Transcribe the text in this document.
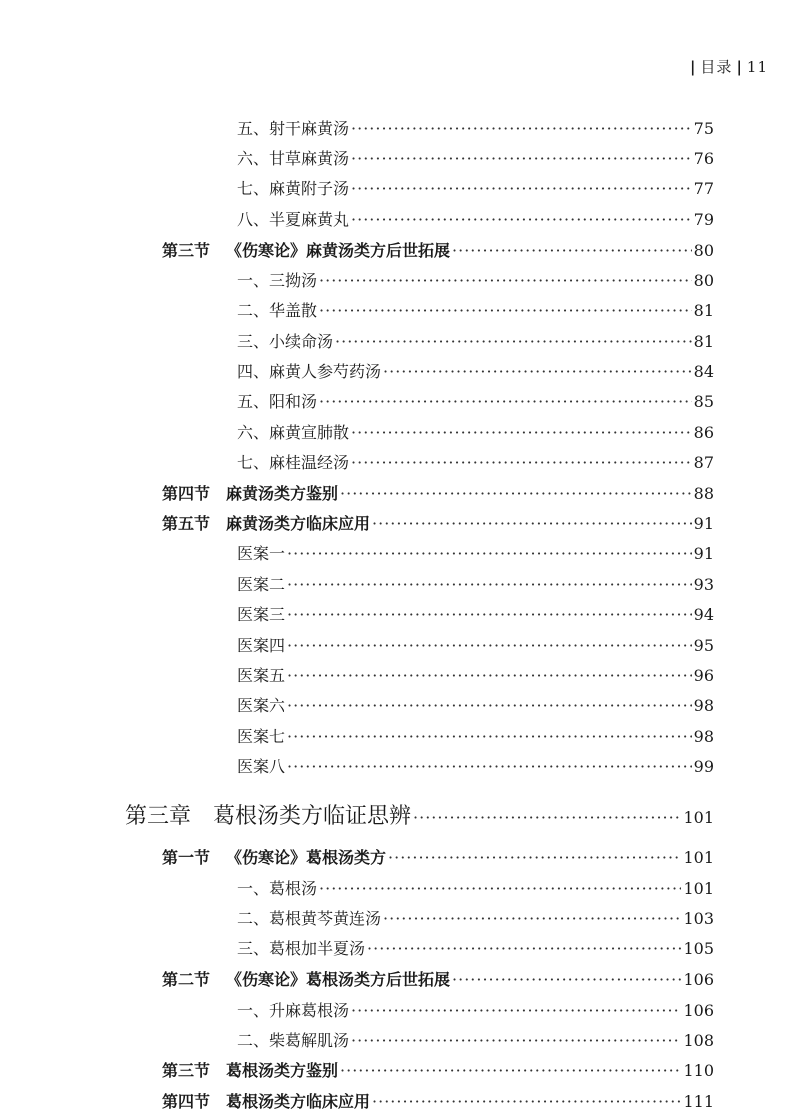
| 目录 | 11
五、射干麻黄汤 ·····	75
六、甘草麻黄汤 ·····	76
七、麻黄附子汤 ·····	77
八、半夏麻黄丸 ·····	79
第三节 《伤寒论》麻黄汤类方后世拓展 ·····	80
一、三拗汤 ·····	80
二、华盖散 ·····	81
三、小续命汤 ·····	81
四、麻黄人参芍药汤 ·····	84
五、阳和汤 ·····	85
六、麻黄宣肺散 ·····	86
七、麻桂温经汤 ·····	87
第四节 麻黄汤类方鉴别 ·····	88
第五节 麻黄汤类方临床应用 ·····	91
医案一 ·····	91
医案二 ·····	93
医案三 ·····	94
医案四 ·····	95
医案五 ·····	96
医案六 ·····	98
医案七 ·····	98
医案八 ·····	99
第三章 葛根汤类方临证思辨 ·····	101
第一节 《伤寒论》葛根汤类方 ·····	101
一、葛根汤 ·····	101
二、葛根黄芩黄连汤 ·····	103
三、葛根加半夏汤 ·····	105
第二节 《伤寒论》葛根汤类方后世拓展 ·····	106
一、升麻葛根汤 ·····	106
二、柴葛解肌汤 ·····	108
第三节 葛根汤类方鉴别 ·····	110
第四节 葛根汤类方临床应用 ·····	111
